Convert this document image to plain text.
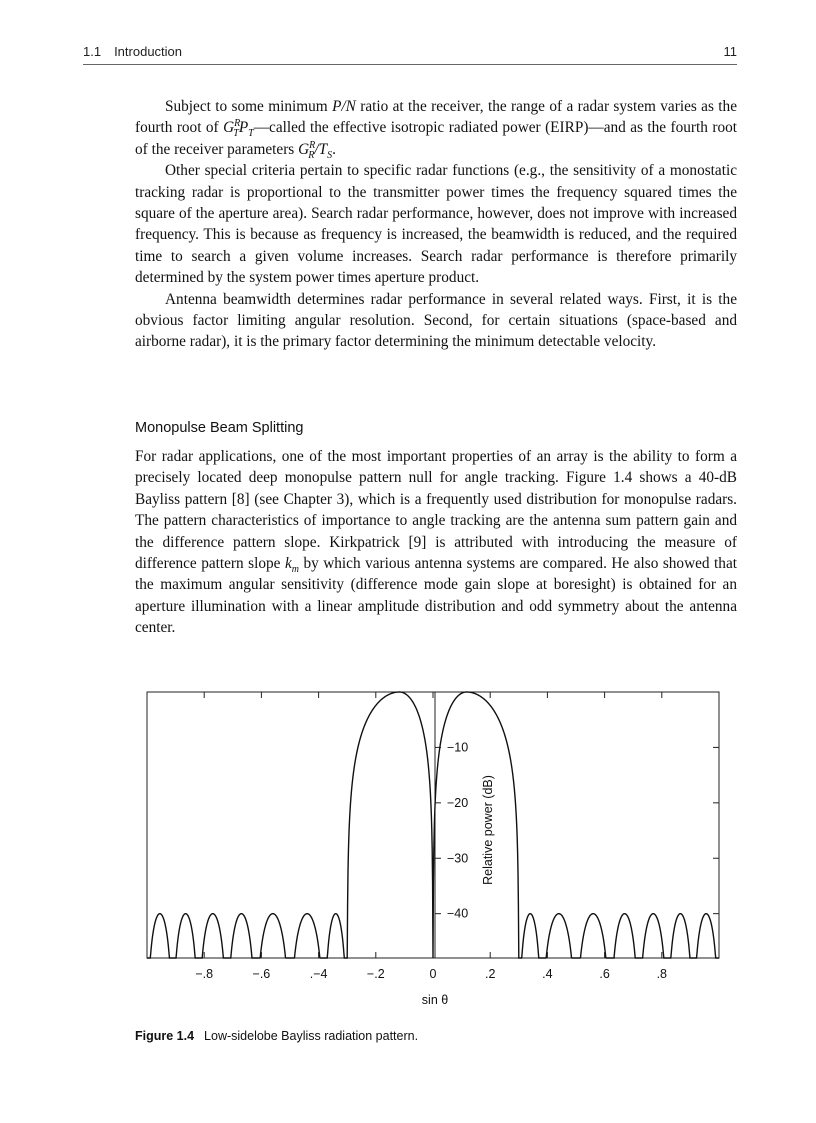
1.1 Introduction	11

Subject to some minimum P/N ratio at the receiver, the range of a radar system varies as the fourth root of $G^R_TP_T—called$ the effective isotropic radiated power (EIRP)—and as the fourth root of the receiver parameters $G^R_R/T_S$.

Other special criteria pertain to specific radar functions (e.g., the sensitivity of a monostatic tracking radar is proportional to the transmitter power times the frequency squared times the square of the aperture area). Search radar performance, however, does not improve with increased frequency. This is because as frequency is increased, the beamwidth is reduced, and the required time to search a given volume increases. Search radar performance is therefore primarily determined by the system power times aperture product.

Antenna beamwidth determines radar performance in several related ways. First, it is the obvious factor limiting angular resolution. Second, for certain situations (space-based and airborne radar), it is the primary factor determining the minimum detectable velocity.

Monopulse Beam Splitting

For radar applications, one of the most important properties of an array is the ability to form a precisely located deep monopulse pattern null for angle tracking. Figure 1.4 shows a 40-dB Bayliss pattern [8] (see Chapter 3), which is a frequently used distribution for monopulse radars. The pattern characteristics of importance to angle tracking are the antenna sum pattern gain and the difference pattern slope. Kirkpatrick [9] is attributed with introducing the measure of difference pattern slope $k_m$ by which various antenna systems are compared. He also showed that the maximum angular sensitivity (difference mode gain slope at boresight) is obtained for an aperture illumination with a linear amplitude distribution and odd symmetry about the antenna center.

−.8	−.6	.−4	−.2	0	.2	.4	.6	.8
−10
−20
−30
−40
sin θ
Relative power (dB)
Figure 1.4 Low-sidelobe Bayliss radiation pattern.
